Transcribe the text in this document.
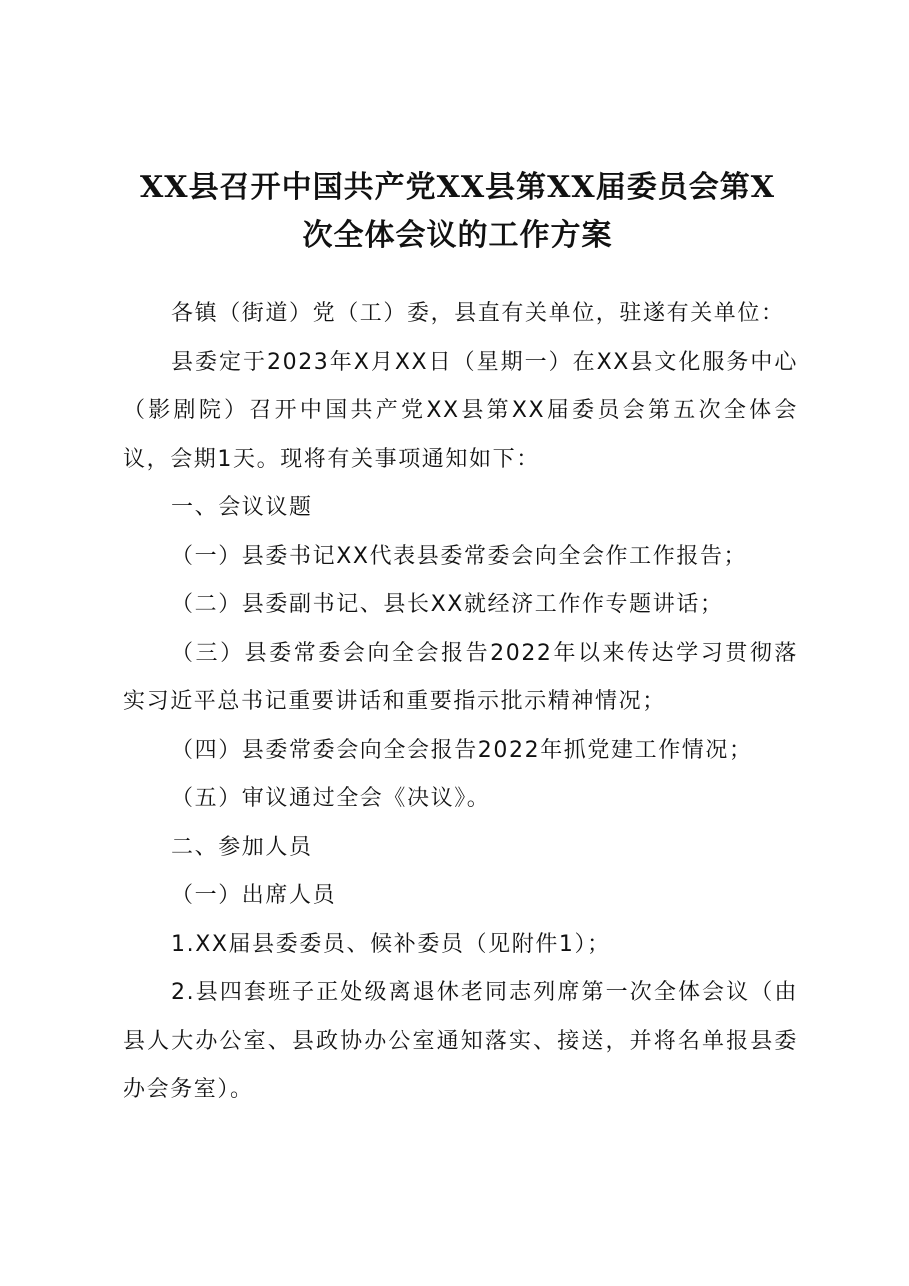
XX县召开中国共产党XX县第XX届委员会第X
次全体会议的工作方案

各镇（街道）党（工）委，县直有关单位，驻遂有关单位：

县委定于2023年X月XX日（星期一）在XX县文化服务中心（影剧院）召开中国共产党XX县第XX届委员会第五次全体会议，会期1天。现将有关事项通知如下：

一、会议议题

（一）县委书记XX代表县委常委会向全会作工作报告；

（二）县委副书记、县长XX就经济工作作专题讲话；

（三）县委常委会向全会报告2022年以来传达学习贯彻落实习近平总书记重要讲话和重要指示批示精神情况；

（四）县委常委会向全会报告2022年抓党建工作情况；

（五）审议通过全会《决议》。

二、参加人员

（一）出席人员

1.XX届县委委员、候补委员（见附件1）；

2.县四套班子正处级离退休老同志列席第一次全体会议（由县人大办公室、县政协办公室通知落实、接送，并将名单报县委办会务室）。
